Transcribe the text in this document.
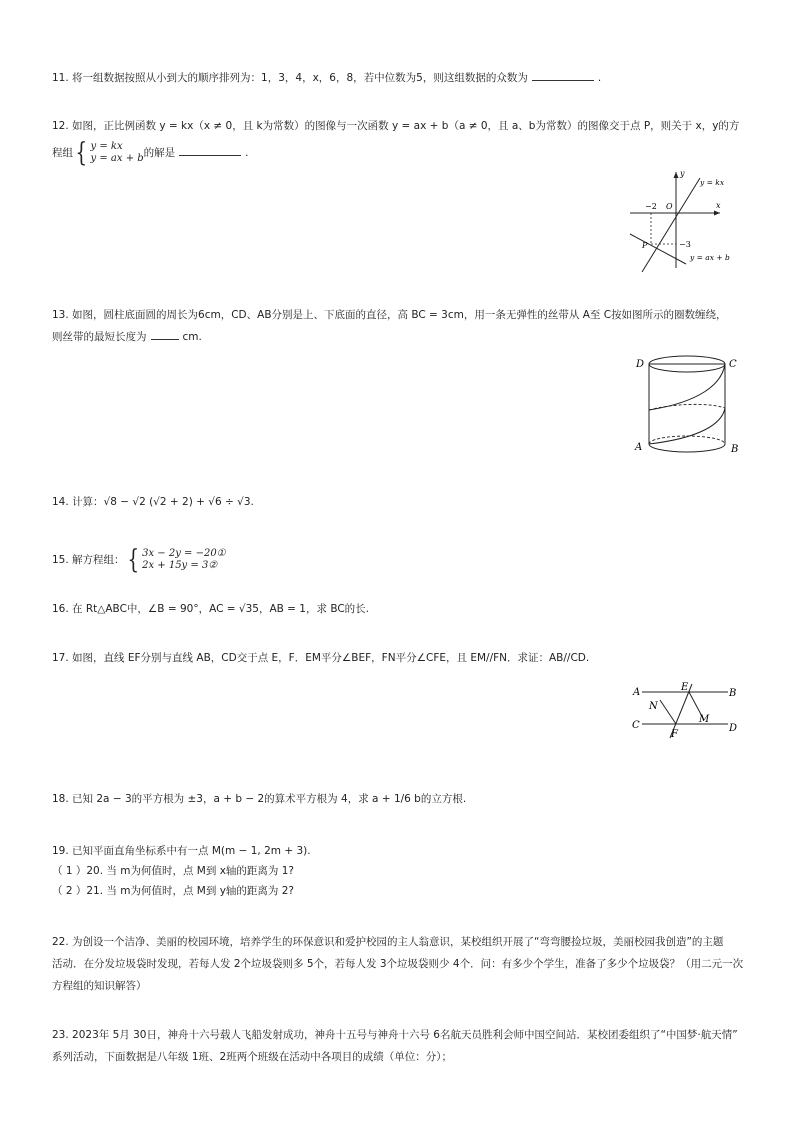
11. 将一组数据按照从小到大的顺序排列为：1，3，4，x，6，8，若中位数为5，则这组数据的众数为	.
12. 如图，正比例函数 y = kx（x ≠ 0，且 k为常数）的图像与一次函数 y = ax + b（a ≠ 0，且 a、b为常数）的图像交于点 P，则关于 x，y的方
程组 { y = kx
y = ax + b 的解是	.
y
x
O
−2
−3
P
y = kx
y = ax + b
13. 如图，圆柱底面圆的周长为6cm，CD、AB分别是上、下底面的直径，高 BC = 3cm，用一条无弹性的丝带从 A至 C按如图所示的圈数缠绕，
则丝带的最短长度为	cm.
D	C
A	B
14. 计算：√8 − √2 (√2 + 2) + √6 ÷ √3.
15. 解方程组： { 3x − 2y = −20①
2x + 15y = 3②
16. 在 Rt△ABC中，∠B = 90°，AC = √35，AB = 1，求 BC的长.
17. 如图，直线 EF分别与直线 AB，CD交于点 E，F．EM平分∠BEF，FN平分∠CFE，且 EM//FN．求证：AB//CD.
A	B
C	D
E
F
N
M
18. 已知 2a − 3的平方根为 ±3，a + b − 2的算术平方根为 4，求 a + 1/6 b的立方根.
19. 已知平面直角坐标系中有一点 M(m − 1, 2m + 3).
（ 1 ）20. 当 m为何值时，点 M到 x轴的距离为 1?
（ 2 ）21. 当 m为何值时，点 M到 y轴的距离为 2?
22. 为创设一个洁净、美丽的校园环境，培养学生的环保意识和爱护校园的主人翁意识，某校组织开展了“弯弯腰捡垃圾，美丽校园我创造”的主题
活动．在分发垃圾袋时发现，若每人发 2个垃圾袋则多 5个，若每人发 3个垃圾袋则少 4个．问：有多少个学生，准备了多少个垃圾袋？（用二元一次
方程组的知识解答）
23. 2023年 5月 30日，神舟十六号载人飞船发射成功，神舟十五号与神舟十六号 6名航天员胜利会师中国空间站．某校团委组织了“中国梦·航天情”
系列活动，下面数据是八年级 1班、2班两个班级在活动中各项目的成绩（单位：分）；
